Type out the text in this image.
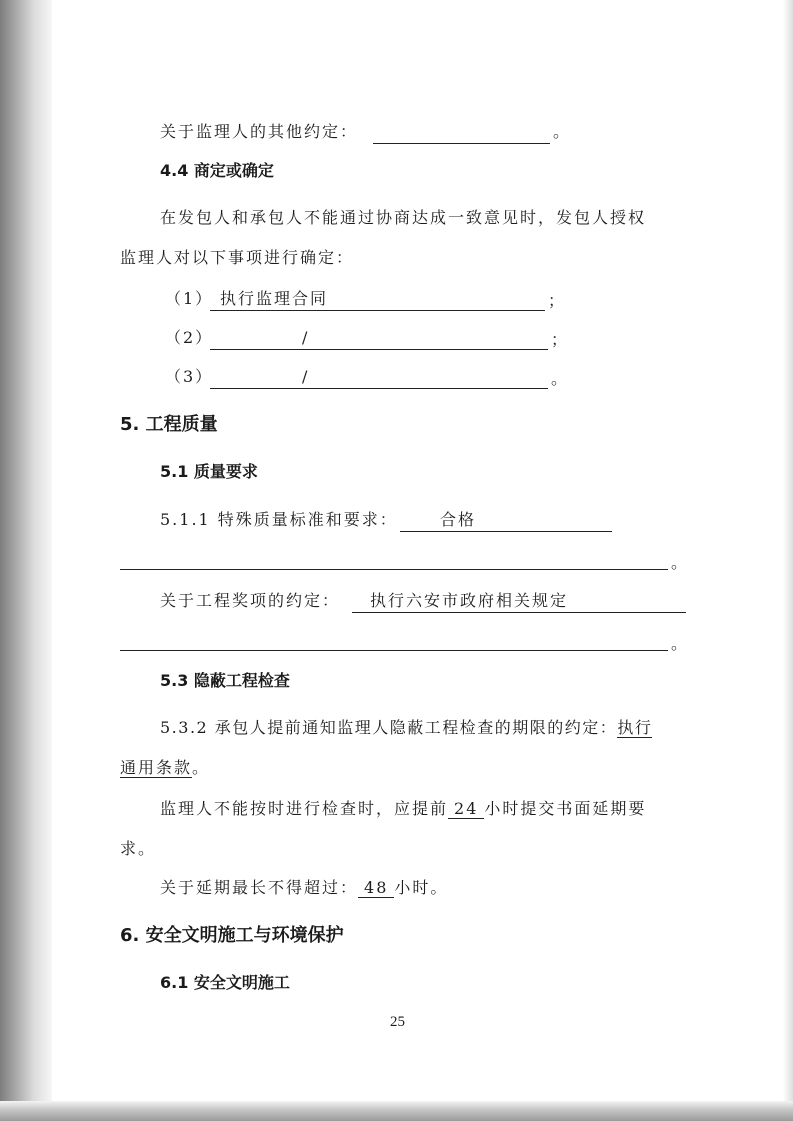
关于监理人的其他约定：	。
4.4 商定或确定
在发包人和承包人不能通过协商达成一致意见时，发包人授权
监理人对以下事项进行确定：
（1） 执行监理合同	；
（2）	/	；
（3）	/	。
5. 工程质量
5.1 质量要求
5.1.1 特殊质量标准和要求：	合格
。
关于工程奖项的约定：	执行六安市政府相关规定
。
5.3 隐蔽工程检查
5.3.2 承包人提前通知监理人隐蔽工程检查的期限的约定：执行
通用条款。
监理人不能按时进行检查时，应提前 24 小时提交书面延期要
求。
关于延期最长不得超过： 48 小时。
6. 安全文明施工与环境保护
6.1 安全文明施工
25
